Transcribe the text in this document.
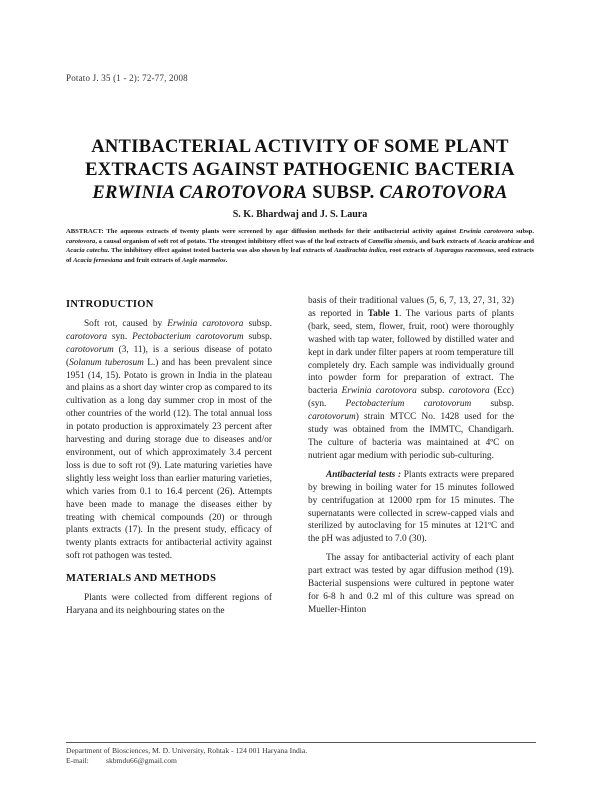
Potato J. 35 (1 - 2): 72-77, 2008
ANTIBACTERIAL ACTIVITY OF SOME PLANT
EXTRACTS AGAINST PATHOGENIC BACTERIA
ERWINIA CAROTOVORA SUBSP. CAROTOVORA
S. K. Bhardwaj and J. S. Laura
ABSTRACT: The aqueous extracts of twenty plants were screened by agar diffusion methods for their antibacterial activity against Erwinia carotovora subsp. carotovora, a causal organism of soft rot of potato. The strongest inhibitory effect was of the leaf extracts of Camellia sinensis, and bark extracts of Acacia arabicae and Acacia catechu. The inhibitory effect against tested bacteria was also shown by leaf extracts of Azadirachta indica, root extracts of Asparagus racemosus, seed extracts of Acacia fernesiana and fruit extracts of Aegle marmelos.
INTRODUCTION

Soft rot, caused by Erwinia carotovora subsp. carotovora syn. Pectobacterium carotovorum subsp. carotovorum (3, 11), is a serious disease of potato (Solanum tuberosum L.) and has been prevalent since 1951 (14, 15). Potato is grown in India in the plateau and plains as a short day winter crop as compared to its cultivation as a long day summer crop in most of the other countries of the world (12). The total annual loss in potato production is approximately 23 percent after harvesting and during storage due to diseases and/or environment, out of which approximately 3.4 percent loss is due to soft rot (9). Late maturing varieties have slightly less weight loss than earlier maturing varieties, which varies from 0.1 to 16.4 percent (26). Attempts have been made to manage the diseases either by treating with chemical compounds (20) or through plants extracts (17). In the present study, efficacy of twenty plants extracts for antibacterial activity against soft rot pathogen was tested.

MATERIALS AND METHODS

Plants were collected from different regions of Haryana and its neighbouring states on the

basis of their traditional values (5, 6, 7, 13, 27, 31, 32) as reported in Table 1. The various parts of plants (bark, seed, stem, flower, fruit, root) were thoroughly washed with tap water, followed by distilled water and kept in dark under filter papers at room temperature till completely dry. Each sample was individually ground into powder form for preparation of extract. The bacteria Erwinia carotovora subsp. carotovora (Ecc) (syn. Pectobacterium carotovorum subsp. carotovorum) strain MTCC No. 1428 used for the study was obtained from the IMMTC, Chandigarh. The culture of bacteria was maintained at 4ºC on nutrient agar medium with periodic sub-culturing.

Antibacterial tests : Plants extracts were prepared by brewing in boiling water for 15 minutes followed by centrifugation at 12000 rpm for 15 minutes. The supernatants were collected in screw-capped vials and sterilized by autoclaving for 15 minutes at 121ºC and the pH was adjusted to 7.0 (30).

The assay for antibacterial activity of each plant part extract was tested by agar diffusion method (19). Bacterial suspensions were cultured in peptone water for 6-8 h and 0.2 ml of this culture was spread on Mueller-Hinton

Department of Biosciences, M. D. University, Rohtak - 124 001 Haryana India.
E-mail:	skbmdu66@gmail.com
